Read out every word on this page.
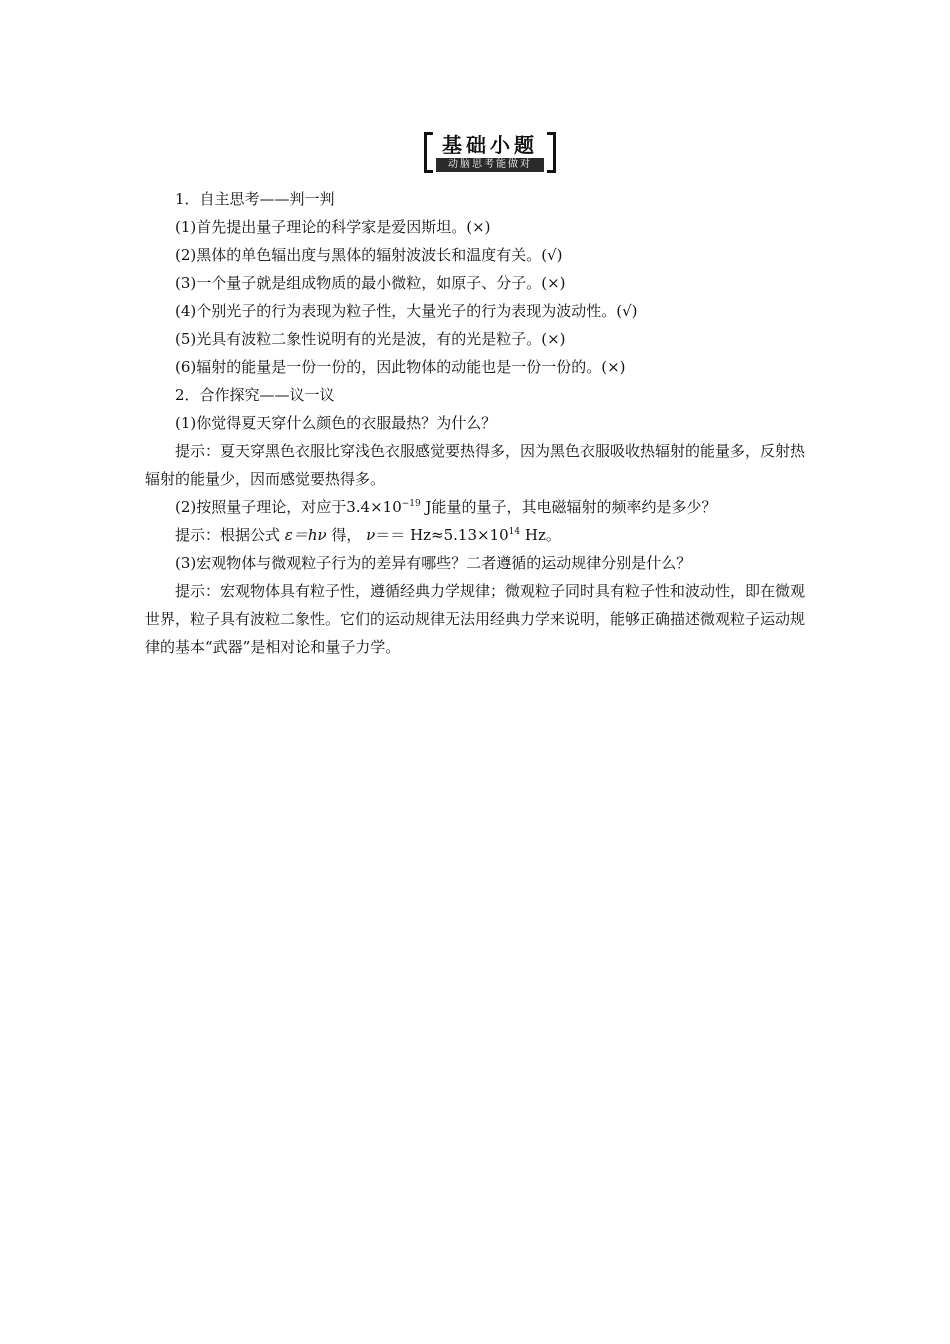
基础小题
动脑思考能做对

1．自主思考——判一判

(1)首先提出量子理论的科学家是爱因斯坦。(×)

(2)黑体的单色辐出度与黑体的辐射波波长和温度有关。(√)

(3)一个量子就是组成物质的最小微粒，如原子、分子。(×)

(4)个别光子的行为表现为粒子性，大量光子的行为表现为波动性。(√)

(5)光具有波粒二象性说明有的光是波，有的光是粒子。(×)

(6)辐射的能量是一份一份的，因此物体的动能也是一份一份的。(×)

2．合作探究——议一议

(1)你觉得夏天穿什么颜色的衣服最热？为什么？

提示：夏天穿黑色衣服比穿浅色衣服感觉要热得多，因为黑色衣服吸收热辐射的能量多，反射热辐射的能量少，因而感觉要热得多。

(2)按照量子理论，对应于$3.4\times 10^{-19}$ J能量的量子，其电磁辐射的频率约是多少？

提示：根据公式 ε＝hν 得， $\nu== Hz\approx 5.13\times 10^{14}$ Hz。

(3)宏观物体与微观粒子行为的差异有哪些？二者遵循的运动规律分别是什么？

提示：宏观物体具有粒子性，遵循经典力学规律；微观粒子同时具有粒子性和波动性，即在微观世界，粒子具有波粒二象性。它们的运动规律无法用经典力学来说明，能够正确描述微观粒子运动规律的基本“武器”是相对论和量子力学。
